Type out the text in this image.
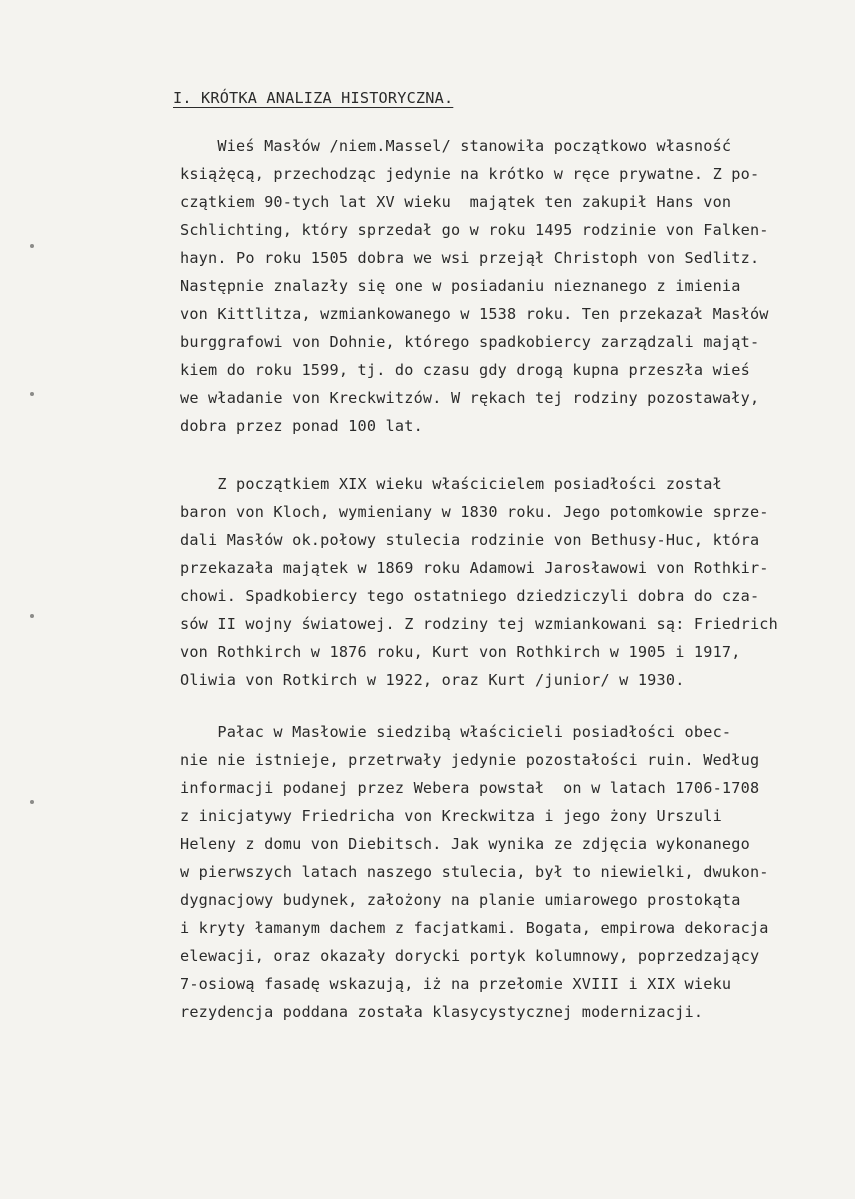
I. KRÓTKA ANALIZA HISTORYCZNA.
Wieś Masłów /niem.Massel/ stanowiła początkowo własność
książęcą, przechodząc jedynie na krótko w ręce prywatne. Z po-
czątkiem 90-tych lat XV wieku  majątek ten zakupił Hans von
Schlichting, który sprzedał go w roku 1495 rodzinie von Falken-
hayn. Po roku 1505 dobra we wsi przejął Christoph von Sedlitz.
Następnie znalazły się one w posiadaniu nieznanego z imienia
von Kittlitza, wzmiankowanego w 1538 roku. Ten przekazał Masłów
burggrafowi von Dohnie, którego spadkobiercy zarządzali mająt-
kiem do roku 1599, tj. do czasu gdy drogą kupna przeszła wieś
we władanie von Kreckwitzów. W rękach tej rodziny pozostawały,
dobra przez ponad 100 lat.
Z początkiem XIX wieku właścicielem posiadłości został
baron von Kloch, wymieniany w 1830 roku. Jego potomkowie sprze-
dali Masłów ok.połowy stulecia rodzinie von Bethusy-Huc, która
przekazała majątek w 1869 roku Adamowi Jarosławowi von Rothkir-
chowi. Spadkobiercy tego ostatniego dziedziczyli dobra do cza-
sów II wojny światowej. Z rodziny tej wzmiankowani są: Friedrich
von Rothkirch w 1876 roku, Kurt von Rothkirch w 1905 i 1917,
Oliwia von Rotkirch w 1922, oraz Kurt /junior/ w 1930.
Pałac w Masłowie siedzibą właścicieli posiadłości obec-
nie nie istnieje, przetrwały jedynie pozostałości ruin. Według
informacji podanej przez Webera powstał  on w latach 1706-1708
z inicjatywy Friedricha von Kreckwitza i jego żony Urszuli
Heleny z domu von Diebitsch. Jak wynika ze zdjęcia wykonanego
w pierwszych latach naszego stulecia, był to niewielki, dwukon-
dygnacjowy budynek, założony na planie umiarowego prostokąta
i kryty łamanym dachem z facjatkami. Bogata, empirowa dekoracja
elewacji, oraz okazały dorycki portyk kolumnowy, poprzedzający
7-osiową fasadę wskazują, iż na przełomie XVIII i XIX wieku
rezydencja poddana została klasycystycznej modernizacji.
